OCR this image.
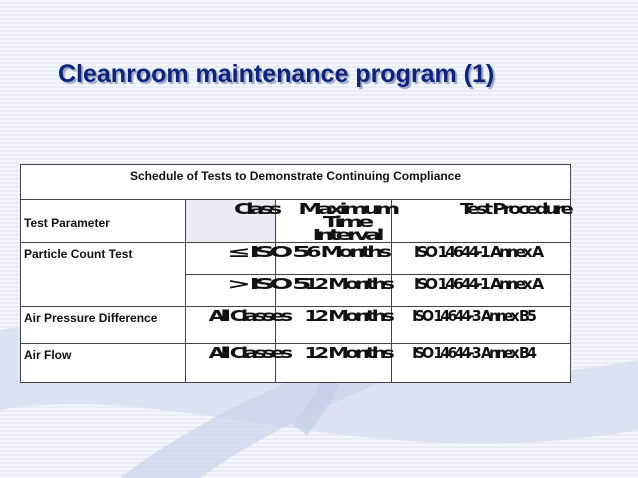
Cleanroom maintenance program (1)
Schedule of Tests to Demonstrate Continuing Compliance			
Test Parameter	Class	Maximum Time Interval	Test Procedure

Particle Count Test	≤ ISO 5	6 Months	ISO 14644-1 Annex A

	> ISO 5	12 Months	ISO 14644-1 Annex A

Air Pressure Difference	All Classes	12 Months	ISO 14644-3 Annex B5

Air Flow	All Classes	12 Months	ISO 14644-3 Annex B4
